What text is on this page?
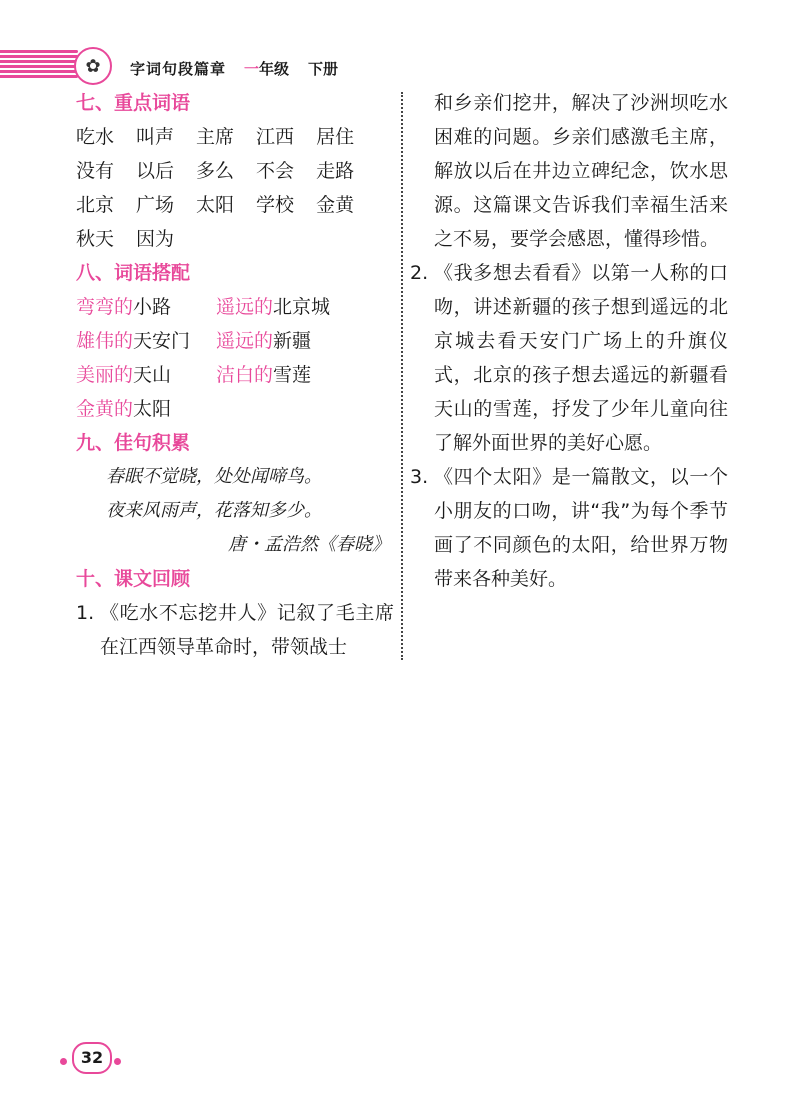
✿	字词句段篇章 一年级 下册
七、重点词语
吃水 叫声 主席 江西 居住
没有 以后 多么 不会 走路
北京 广场 太阳 学校 金黄
秋天 因为
八、词语搭配
弯弯的小路 遥远的北京城
雄伟的天安门 遥远的新疆
美丽的天山 洁白的雪莲
金黄的太阳
九、佳句积累
春眠不觉晓，处处闻啼鸟。
夜来风雨声，花落知多少。
唐・孟浩然《春晓》
十、课文回顾
1. 《吃水不忘挖井人》记叙了毛主席在江西领导革命时，带领战士
和乡亲们挖井，解决了沙洲坝吃水困难的问题。乡亲们感激毛主席，解放以后在井边立碑纪念，饮水思源。这篇课文告诉我们幸福生活来之不易，要学会感恩，懂得珍惜。
2. 《我多想去看看》以第一人称的口吻，讲述新疆的孩子想到遥远的北京城去看天安门广场上的升旗仪式，北京的孩子想去遥远的新疆看天山的雪莲，抒发了少年儿童向往了解外面世界的美好心愿。
3. 《四个太阳》是一篇散文，以一个小朋友的口吻，讲“我”为每个季节画了不同颜色的太阳，给世界万物带来各种美好。
32
